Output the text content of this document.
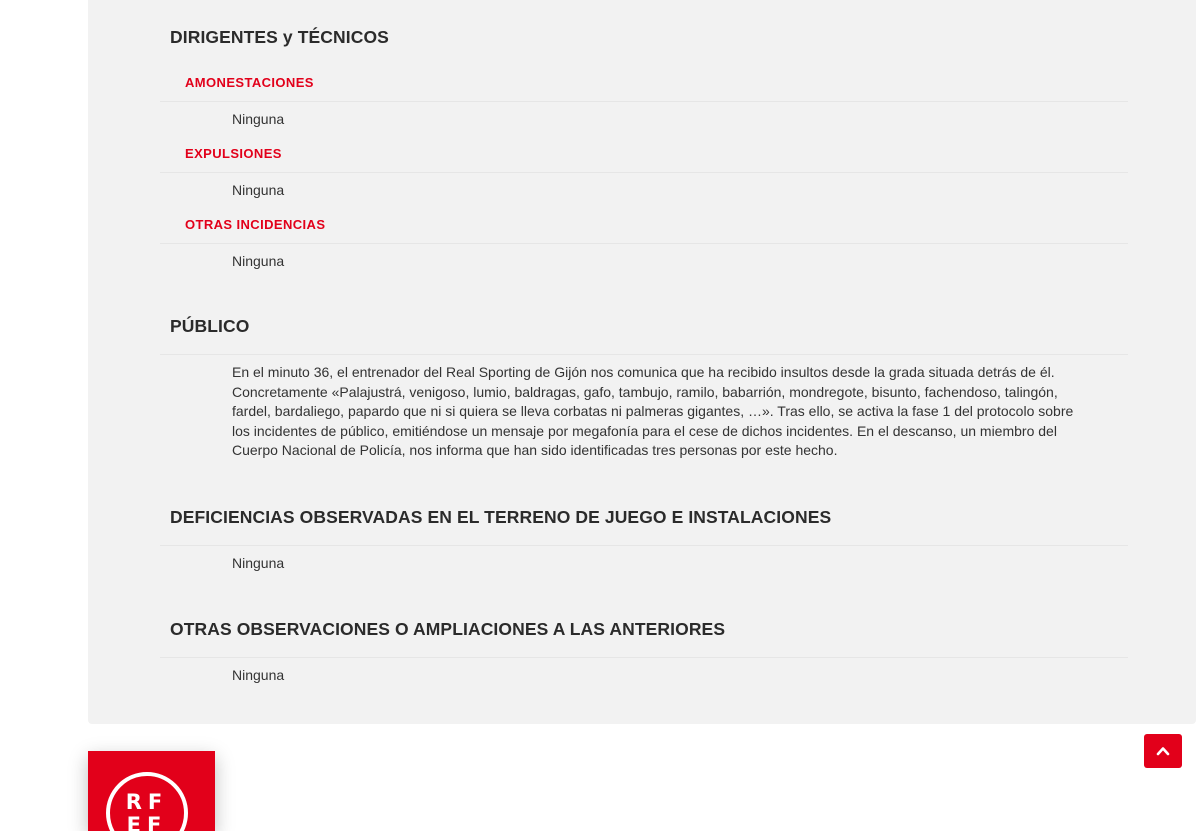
DIRIGENTES y TÉCNICOS
AMONESTACIONES
Ninguna
EXPULSIONES
Ninguna
OTRAS INCIDENCIAS
Ninguna
PÚBLICO
En el minuto 36, el entrenador del Real Sporting de Gijón nos comunica que ha recibido insultos desde la grada situada detrás de él. Concretamente «Palajustrá, venigoso, lumio, baldragas, gafo, tambujo, ramilo, babarrión, mondregote, bisunto, fachendoso, talingón, fardel, bardaliego, papardo que ni si quiera se lleva corbatas ni palmeras gigantes, …». Tras ello, se activa la fase 1 del protocolo sobre los incidentes de público, emitiéndose un mensaje por megafonía para el cese de dichos incidentes. En el descanso, un miembro del Cuerpo Nacional de Policía, nos informa que han sido identificadas tres personas por este hecho.
DEFICIENCIAS OBSERVADAS EN EL TERRENO DE JUEGO E INSTALACIONES
Ninguna
OTRAS OBSERVACIONES O AMPLIACIONES A LAS ANTERIORES
Ninguna
RF
EF
